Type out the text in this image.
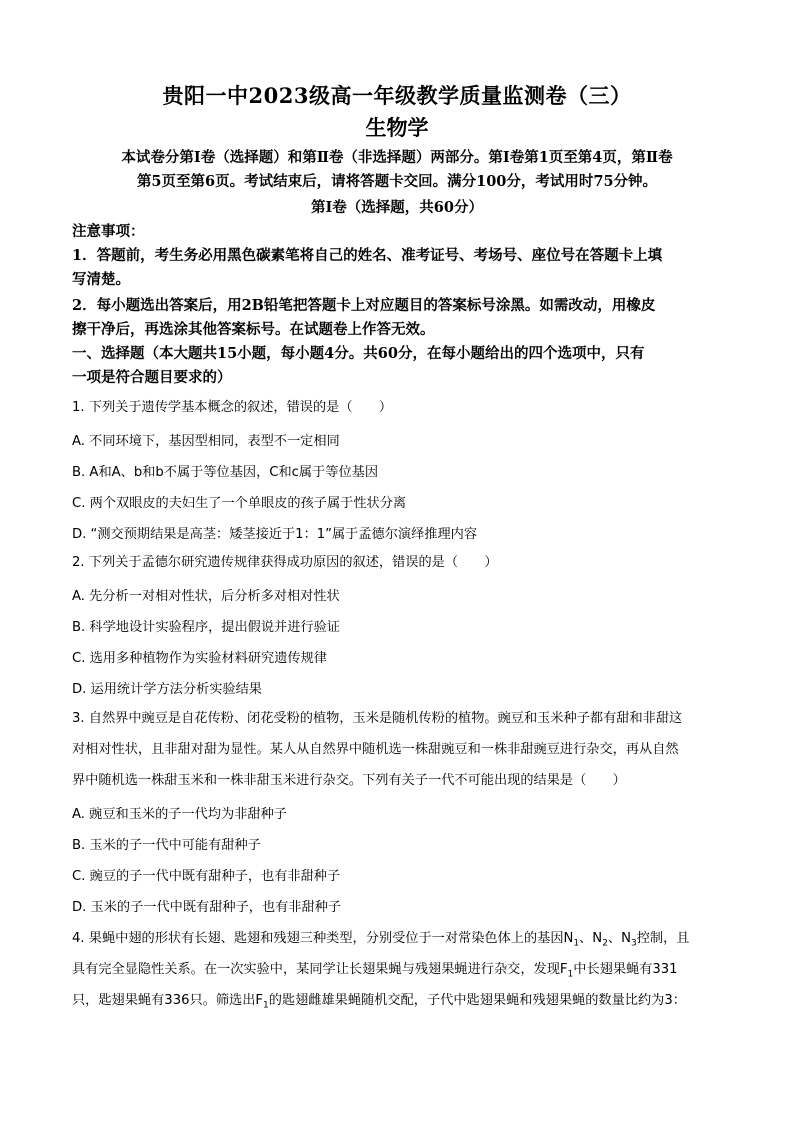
贵阳一中2023级高一年级教学质量监测卷（三）
生物学
本试卷分第Ⅰ卷（选择题）和第Ⅱ卷（非选择题）两部分。第Ⅰ卷第1页至第4页，第Ⅱ卷
第5页至第6页。考试结束后，请将答题卡交回。满分100分，考试用时75分钟。
第Ⅰ卷（选择题，共60分）
注意事项：
1．答题前，考生务必用黑色碳素笔将自己的姓名、准考证号、考场号、座位号在答题卡上填
写清楚。
2．每小题选出答案后，用2B铅笔把答题卡上对应题目的答案标号涂黑。如需改动，用橡皮
擦干净后，再选涂其他答案标号。在试题卷上作答无效。
一、选择题（本大题共15小题，每小题4分。共60分，在每小题给出的四个选项中，只有
一项是符合题目要求的）
1. 下列关于遗传学基本概念的叙述，错误的是（　　）
A. 不同环境下，基因型相同，表型不一定相同
B. A和A、b和b不属于等位基因，C和c属于等位基因
C. 两个双眼皮的夫妇生了一个单眼皮的孩子属于性状分离
D. “测交预期结果是高茎：矮茎接近于1：1”属于孟德尔演绎推理内容
2. 下列关于孟德尔研究遗传规律获得成功原因的叙述，错误的是（　　）
A. 先分析一对相对性状，后分析多对相对性状
B. 科学地设计实验程序，提出假说并进行验证
C. 选用多种植物作为实验材料研究遗传规律
D. 运用统计学方法分析实验结果
3. 自然界中豌豆是自花传粉、闭花受粉的植物，玉米是随机传粉的植物。豌豆和玉米种子都有甜和非甜这
对相对性状，且非甜对甜为显性。某人从自然界中随机选一株甜豌豆和一株非甜豌豆进行杂交，再从自然
界中随机选一株甜玉米和一株非甜玉米进行杂交。下列有关子一代不可能出现的结果是（　　）
A. 豌豆和玉米的子一代均为非甜种子
B. 玉米的子一代中可能有甜种子
C. 豌豆的子一代中既有甜种子，也有非甜种子
D. 玉米的子一代中既有甜种子，也有非甜种子
4. 果蝇中翅的形状有长翅、匙翅和残翅三种类型，分别受位于一对常染色体上的基因$N_1$、$N_2$、$N_3$控制，且
具有完全显隐性关系。在一次实验中，某同学让长翅果蝇与残翅果蝇进行杂交，发现$F_1$中长翅果蝇有331
只，匙翅果蝇有336只。筛选出$F_1$的匙翅雌雄果蝇随机交配，子代中匙翅果蝇和残翅果蝇的数量比约为3：
